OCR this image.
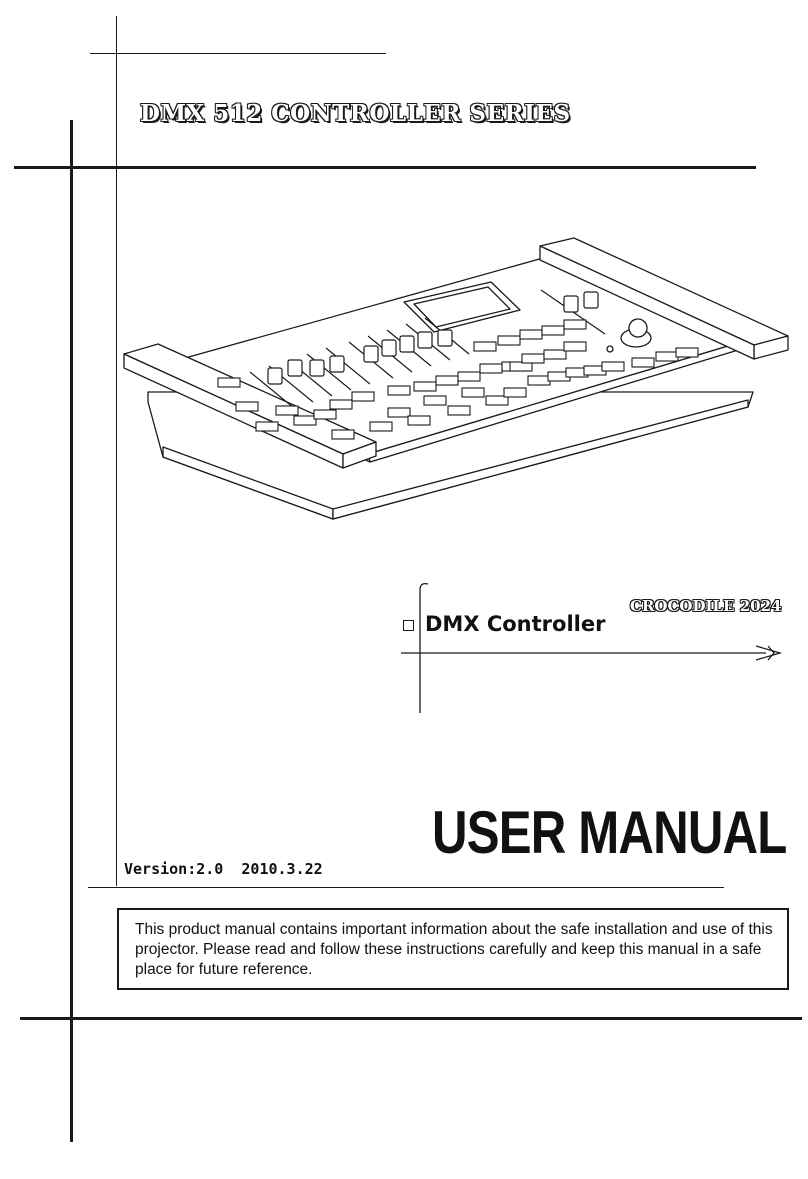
DMX 512 CONTROLLER SERIES
DMX Controller
CROCODILE 2024
USER MANUAL
Version:2.0  2010.3.22
This product manual contains important information about the safe installation and use of this projector. Please read and follow these instructions carefully and keep this manual in a safe place for future reference.
